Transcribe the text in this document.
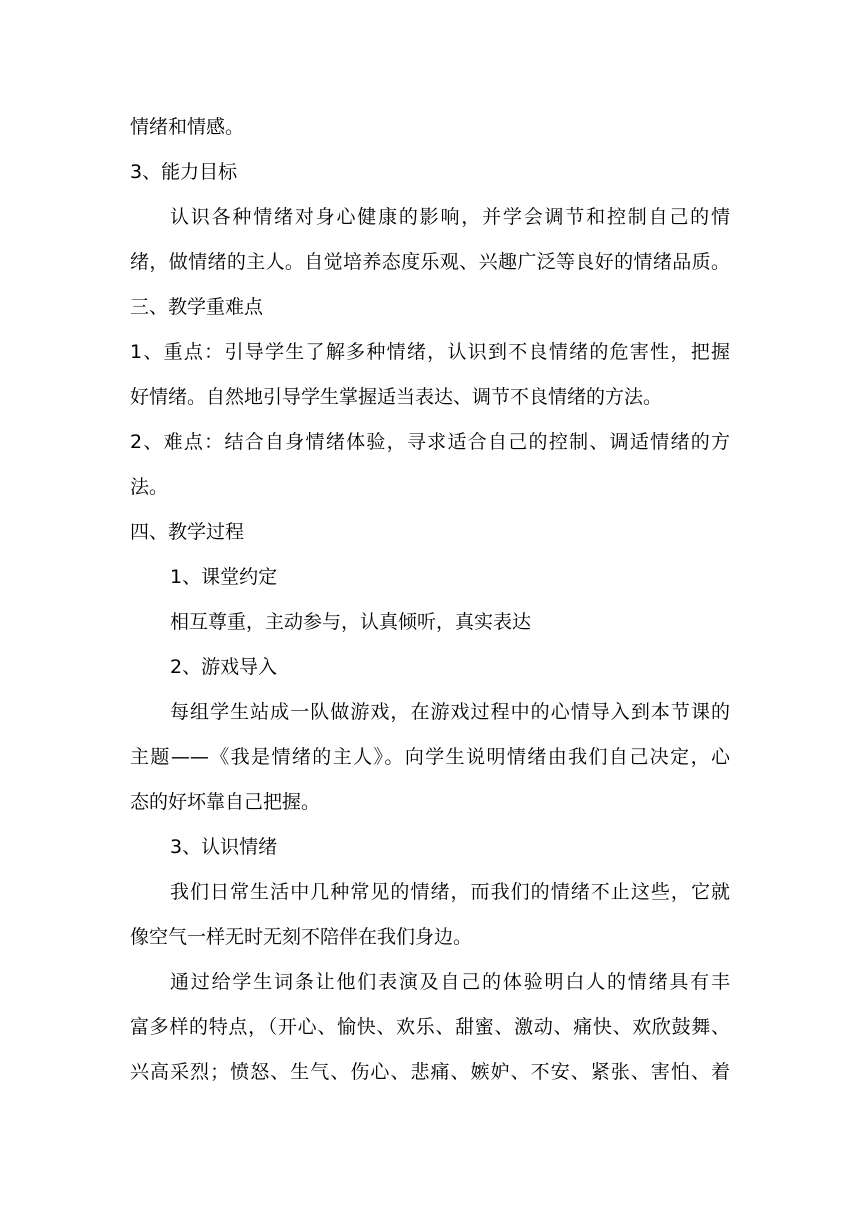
情绪和情感。

3、能力目标

认识各种情绪对身心健康的影响，并学会调节和控制自己的情

绪，做情绪的主人。自觉培养态度乐观、兴趣广泛等良好的情绪品质。

三、教学重难点

1、重点：引导学生了解多种情绪，认识到不良情绪的危害性，把握

好情绪。自然地引导学生掌握适当表达、调节不良情绪的方法。

2、难点：结合自身情绪体验，寻求适合自己的控制、调适情绪的方

法。

四、教学过程

1、课堂约定

相互尊重，主动参与，认真倾听，真实表达

2、游戏导入

每组学生站成一队做游戏，在游戏过程中的心情导入到本节课的

主题——《我是情绪的主人》。向学生说明情绪由我们自己决定，心

态的好坏靠自己把握。

3、认识情绪

我们日常生活中几种常见的情绪，而我们的情绪不止这些，它就

像空气一样无时无刻不陪伴在我们身边。

通过给学生词条让他们表演及自己的体验明白人的情绪具有丰

富多样的特点，（开心、愉快、欢乐、甜蜜、激动、痛快、欢欣鼓舞、

兴高采烈；愤怒、生气、伤心、悲痛、嫉妒、不安、紧张、害怕、着
